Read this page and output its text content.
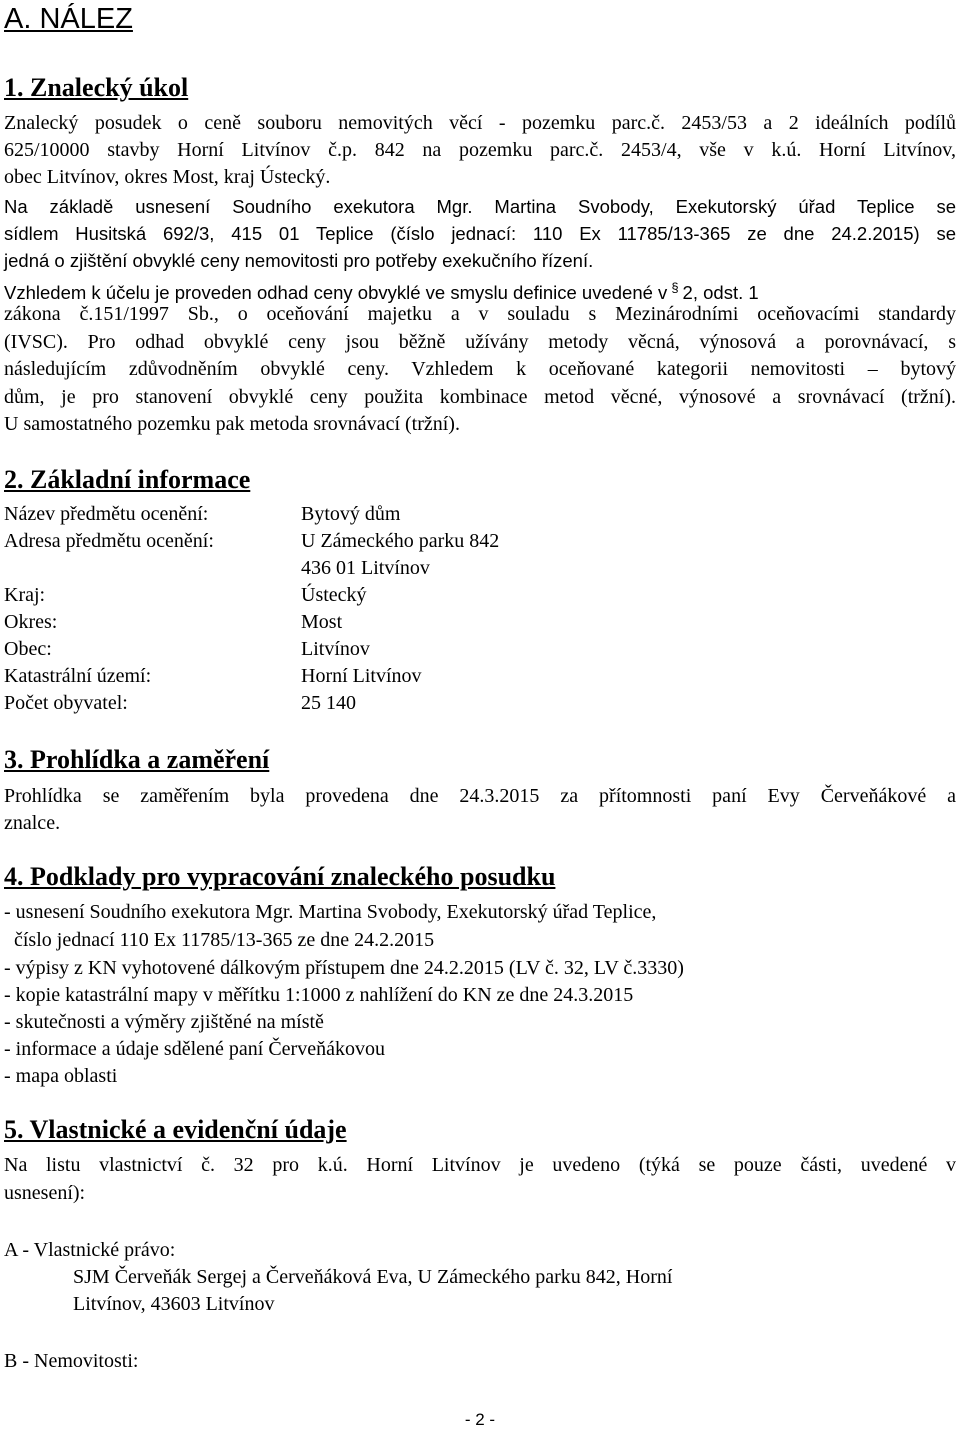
A. NÁLEZ
1. Znalecký úkol
Znalecký posudek o ceně souboru nemovitých věcí - pozemku parc.č. 2453/53 a 2 ideálních podílů
625/10000 stavby Horní Litvínov č.p. 842 na pozemku parc.č. 2453/4, vše v k.ú. Horní Litvínov,
obec Litvínov, okres Most, kraj Ústecký.
Na základě usnesení Soudního exekutora Mgr. Martina Svobody, Exekutorský úřad Teplice se
sídlem Husitská 692/3, 415 01 Teplice (číslo jednací: 110 Ex 11785/13-365 ze dne 24.2.2015) se
jedná o zjištění obvyklé ceny nemovitosti pro potřeby exekučního řízení.
Vzhledem k účelu je proveden odhad ceny obvyklé ve smyslu definice uvedené v § 2, odst. 1
zákona č.151/1997 Sb., o oceňování majetku a v souladu s Mezinárodními oceňovacími standardy
(IVSC). Pro odhad obvyklé ceny jsou běžně užívány metody věcná, výnosová a porovnávací, s
následujícím zdůvodněním obvyklé ceny. Vzhledem k oceňované kategorii nemovitosti – bytový
dům, je pro stanovení obvyklé ceny použita kombinace metod věcné, výnosové a srovnávací (tržní).
U samostatného pozemku pak metoda srovnávací (tržní).
2. Základní informace
Název předmětu ocenění:	Bytový dům
Adresa předmětu ocenění:	U Zámeckého parku 842
436 01 Litvínov
Kraj:	Ústecký
Okres:	Most
Obec:	Litvínov
Katastrální území:	Horní Litvínov
Počet obyvatel:	25 140
3. Prohlídka a zaměření
Prohlídka se zaměřením byla provedena dne 24.3.2015 za přítomnosti paní Evy Červeňákové a
znalce.
4. Podklady pro vypracování znaleckého posudku
- usnesení Soudního exekutora Mgr. Martina Svobody, Exekutorský úřad Teplice,
číslo jednací 110 Ex 11785/13-365 ze dne 24.2.2015
- výpisy z KN vyhotovené dálkovým přístupem dne 24.2.2015 (LV č. 32, LV č.3330)
- kopie katastrální mapy v měřítku 1:1000 z nahlížení do KN ze dne 24.3.2015
- skutečnosti a výměry zjištěné na místě
- informace a údaje sdělené paní Červeňákovou
- mapa oblasti
5. Vlastnické a evidenční údaje
Na listu vlastnictví č. 32 pro k.ú. Horní Litvínov je uvedeno (týká se pouze části, uvedené v
usnesení):
A - Vlastnické právo:
SJM Červeňák Sergej a Červeňáková Eva, U Zámeckého parku 842, Horní
Litvínov, 43603 Litvínov
B - Nemovitosti:
- 2 -
